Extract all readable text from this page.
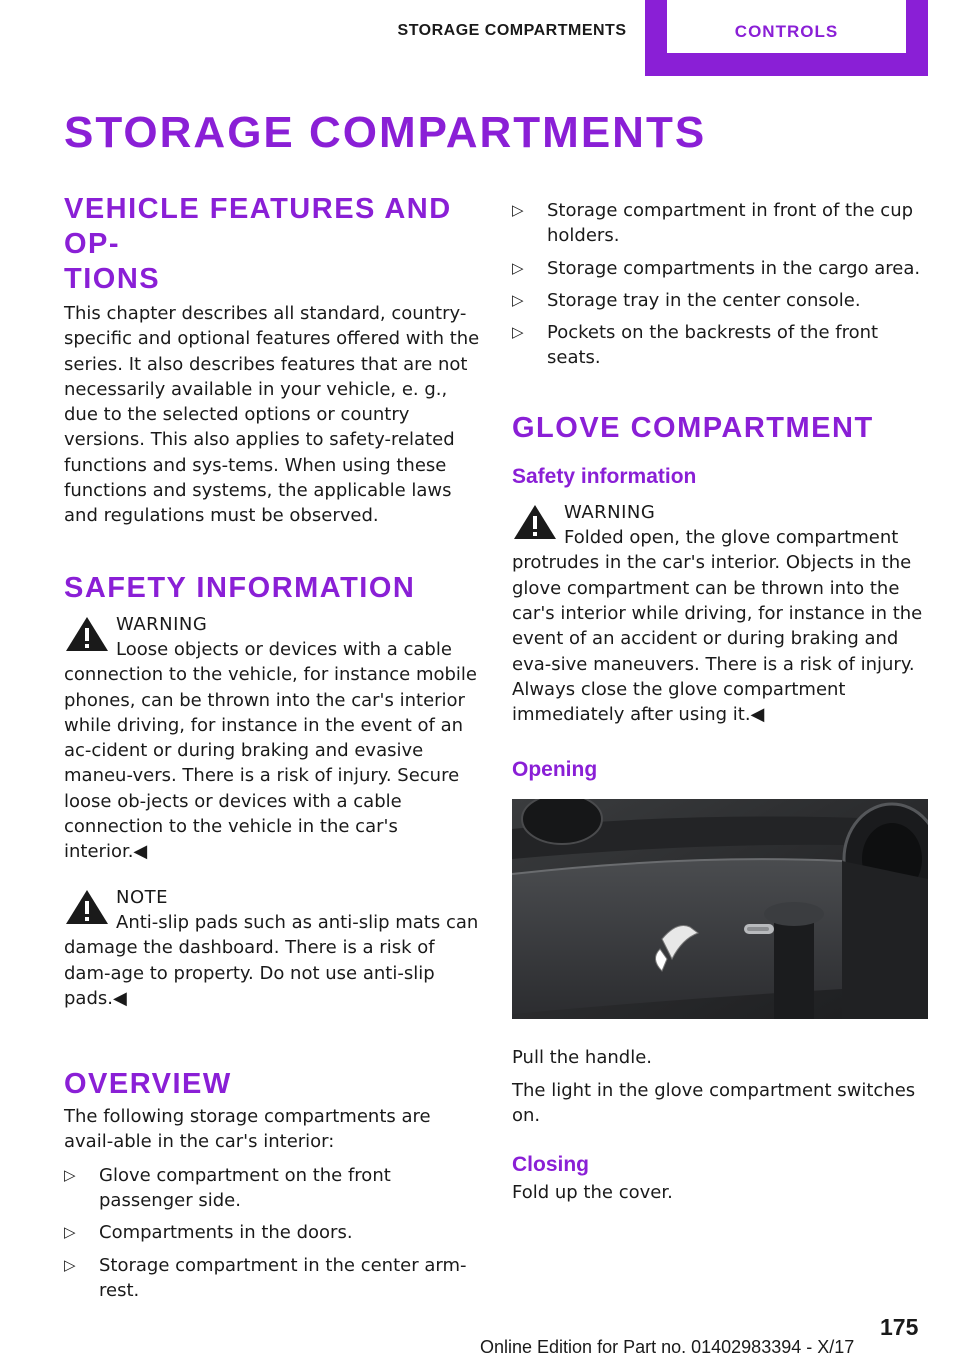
STORAGE COMPARTMENTS	CONTROLS
STORAGE COMPARTMENTS
VEHICLE FEATURES AND OP‐
TIONS

This chapter describes all standard, country-specific and optional features offered with the series. It also describes features that are not necessarily available in your vehicle, e. g., due to the selected options or country versions. This also applies to safety-related functions and sys‐tems. When using these functions and systems, the applicable laws and regulations must be observed.

SAFETY INFORMATION
WARNING
Loose objects or devices with a cable

connection to the vehicle, for instance mobile phones, can be thrown into the car's interior while driving, for instance in the event of an ac‐cident or during braking and evasive maneu‐vers. There is a risk of injury. Secure loose ob‐jects or devices with a cable connection to the vehicle in the car's interior.◀

NOTE
Anti-slip pads such as anti-slip mats can

damage the dashboard. There is a risk of dam‐age to property. Do not use anti-slip pads.◀

OVERVIEW

The following storage compartments are avail‐able in the car's interior:

▷ Glove compartment on the front passenger side.
▷ Compartments in the doors.
▷ Storage compartment in the center arm‐rest.
▷ Storage compartment in front of the cup holders.
▷ Storage compartments in the cargo area.
▷ Storage tray in the center console.
▷ Pockets on the backrests of the front seats.
GLOVE COMPARTMENT
Safety information
WARNING
Folded open, the glove compartment

protrudes in the car's interior. Objects in the glove compartment can be thrown into the car's interior while driving, for instance in the event of an accident or during braking and eva‐sive maneuvers. There is a risk of injury. Always close the glove compartment immediately after using it.◀

Opening

Pull the handle.

The light in the glove compartment switches on.

Closing

Fold up the cover.

175
Online Edition for Part no. 01402983394 - X/17
